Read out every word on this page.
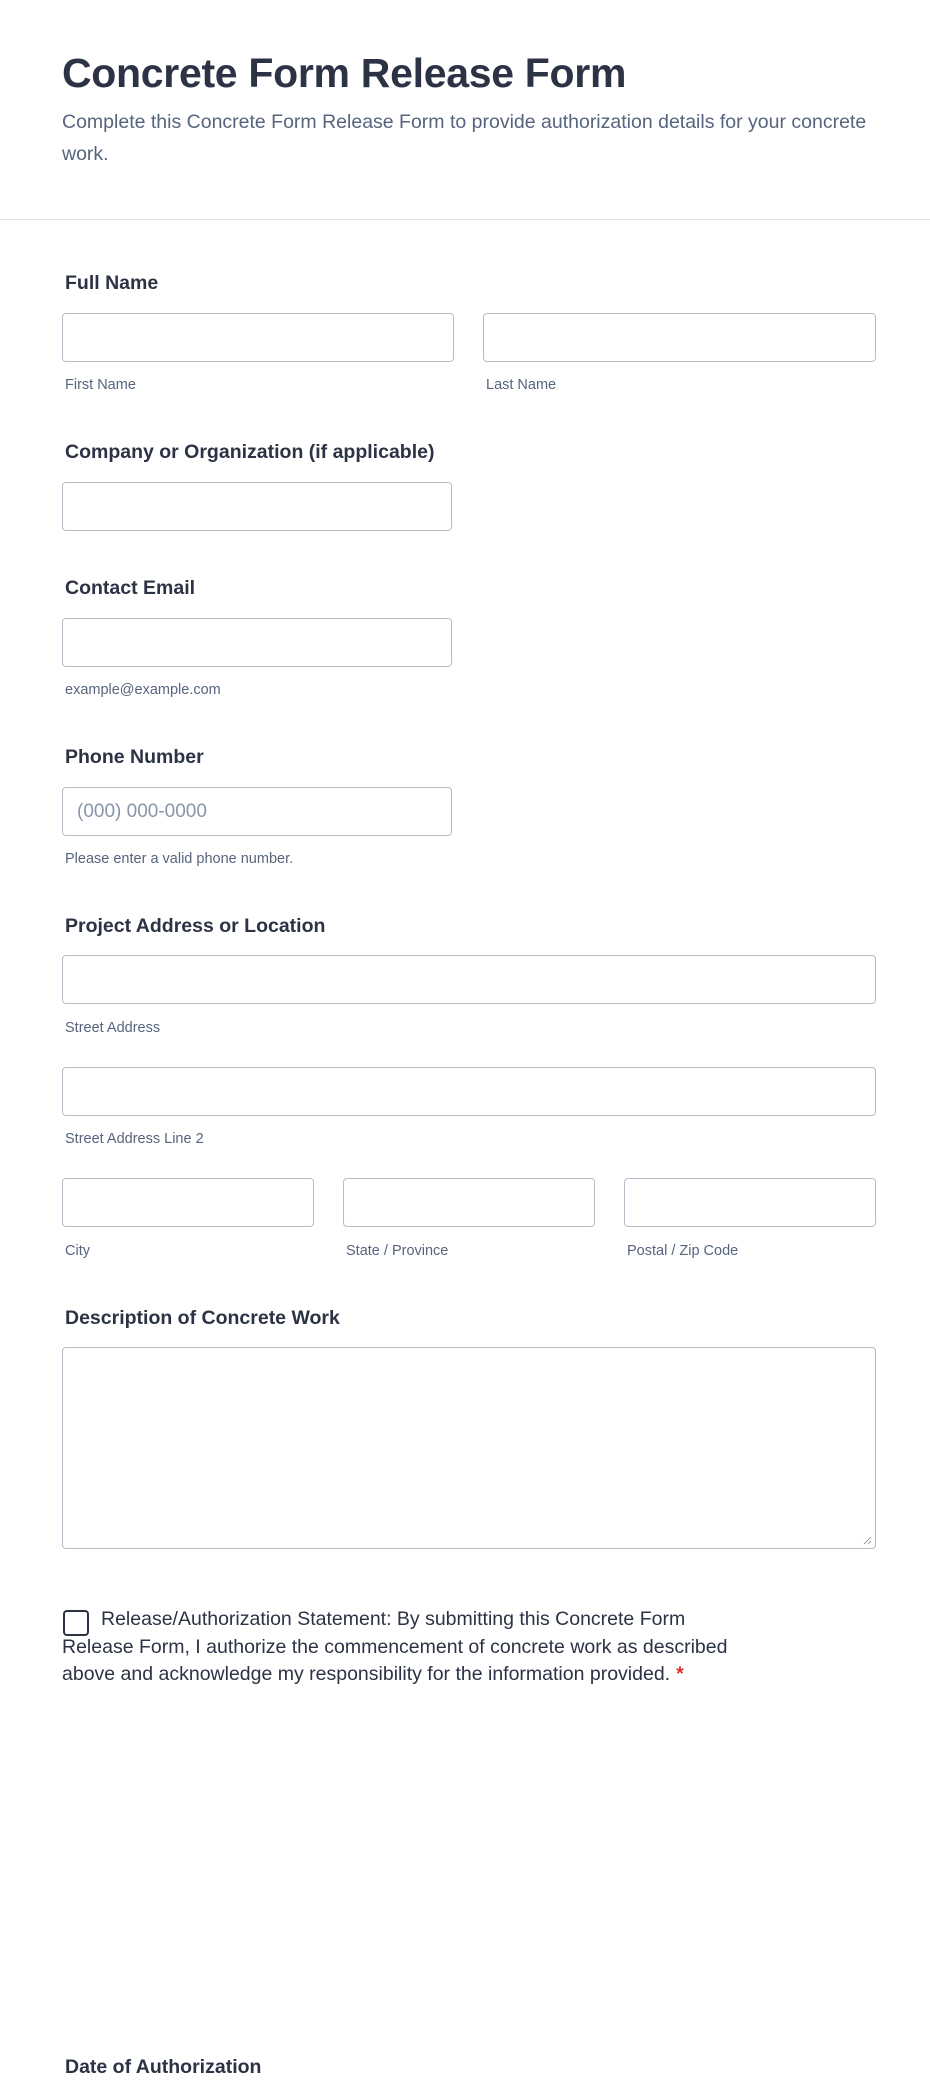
Concrete Form Release Form

Complete this Concrete Form Release Form to provide authorization details for your concrete work.

Full Name
First Name	Last Name
Company or Organization (if applicable)
Contact Email
example@example.com
Phone Number
(000) 000-0000
Please enter a valid phone number.
Project Address or Location
Street Address
Street Address Line 2
City	State / Province	Postal / Zip Code
Description of Concrete Work

Release/Authorization Statement: By submitting this Concrete Form Release Form, I authorize the commencement of concrete work as described above and acknowledge my responsibility for the information provided. *

Date of Authorization
